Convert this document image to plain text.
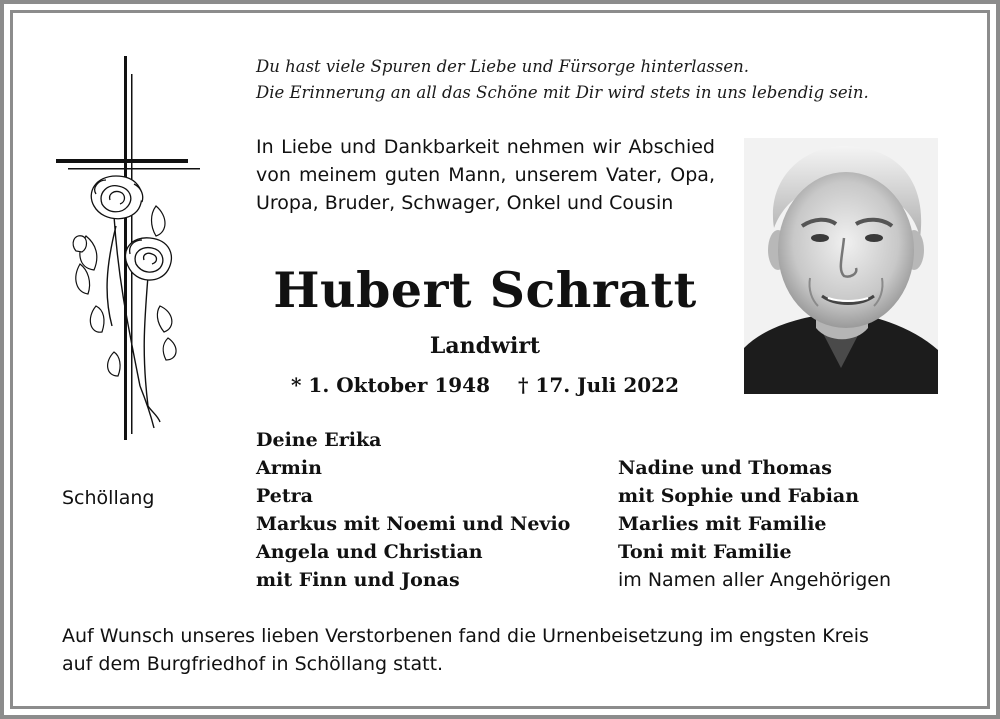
Schöllang
Du hast viele Spuren der Liebe und Fürsorge hinterlassen.
Die Erinnerung an all das Schöne mit Dir wird stets in uns lebendig sein.
In Liebe und Dankbarkeit nehmen wir Abschied von meinem guten Mann, unserem Vater, Opa, Uropa, Bruder, Schwager, Onkel und Cousin
Hubert Schratt
Landwirt
* 1. Oktober 1948 † 17. Juli 2022
Deine Erika
Armin
Petra
Markus mit Noemi und Nevio
Angela und Christian
mit Finn und Jonas
Nadine und Thomas
mit Sophie und Fabian
Marlies mit Familie
Toni mit Familie
im Namen aller Angehörigen
Auf Wunsch unseres lieben Verstorbenen fand die Urnenbeisetzung im engsten Kreis
auf dem Burgfriedhof in Schöllang statt.
